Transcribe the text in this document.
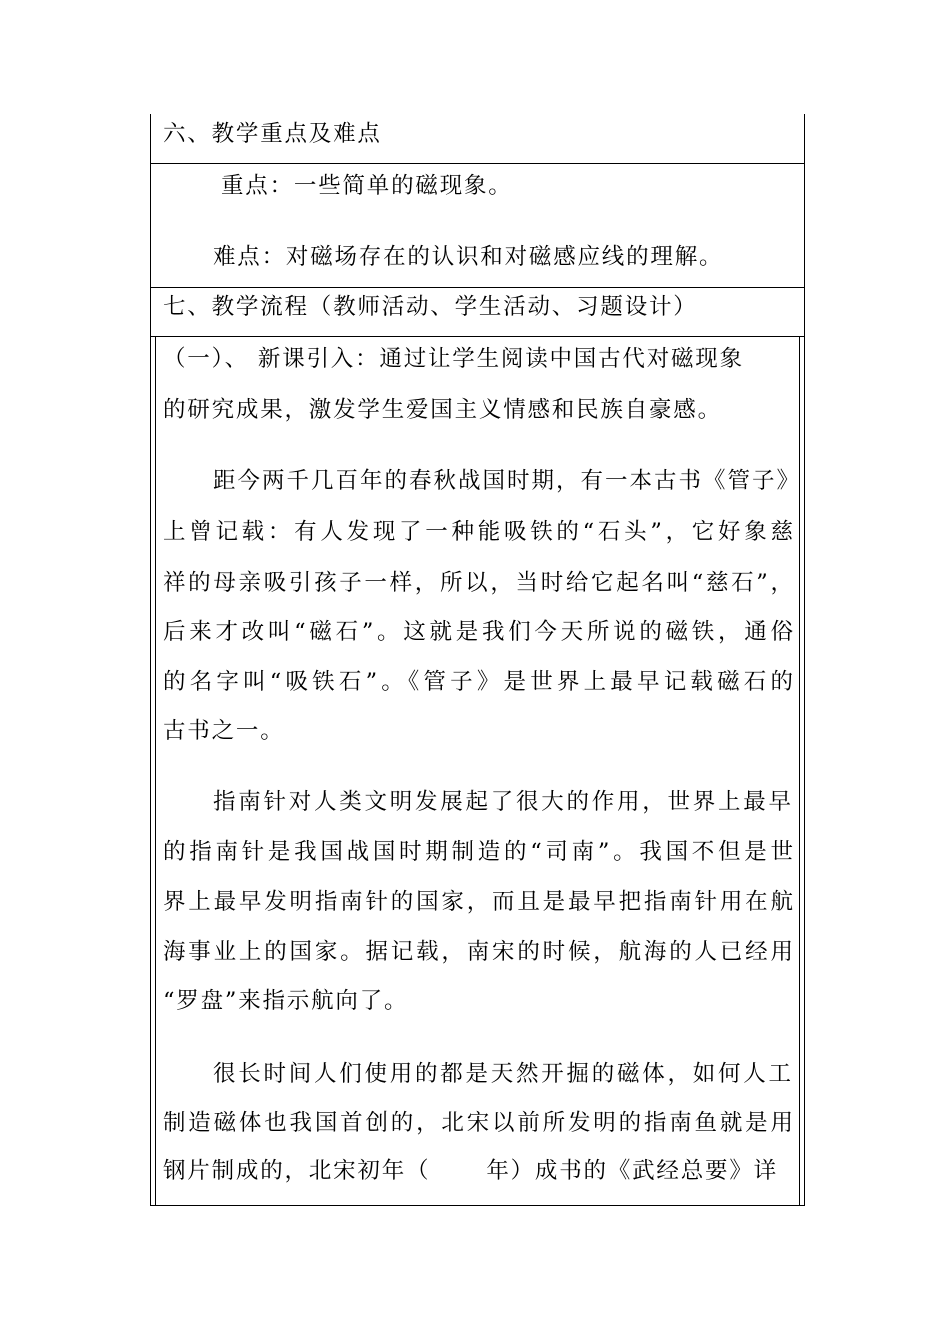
六、教学重点及难点
重点：一些简单的磁现象。
难点：对磁场存在的认识和对磁感应线的理解。
七、教学流程（教师活动、学生活动、习题设计）
（一）、 新课引入：通过让学生阅读中国古代对磁现象
的研究成果，激发学生爱国主义情感和民族自豪感。
距今两千几百年的春秋战国时期，有一本古书《管子》
上曾记载：有人发现了一种能吸铁的“石头”，它好象慈
祥的母亲吸引孩子一样，所以，当时给它起名叫“慈石”，
后来才改叫“磁石”。这就是我们今天所说的磁铁，通俗
的名字叫“吸铁石”。《管子》是世界上最早记载磁石的
古书之一。
指南针对人类文明发展起了很大的作用，世界上最早
的指南针是我国战国时期制造的“司南”。我国不但是世
界上最早发明指南针的国家，而且是最早把指南针用在航
海事业上的国家。据记载，南宋的时候，航海的人已经用
“罗盘”来指示航向了。
很长时间人们使用的都是天然开掘的磁体，如何人工
制造磁体也我国首创的，北宋以前所发明的指南鱼就是用
钢片制成的，北宋初年（ 年）成书的《武经总要》详
